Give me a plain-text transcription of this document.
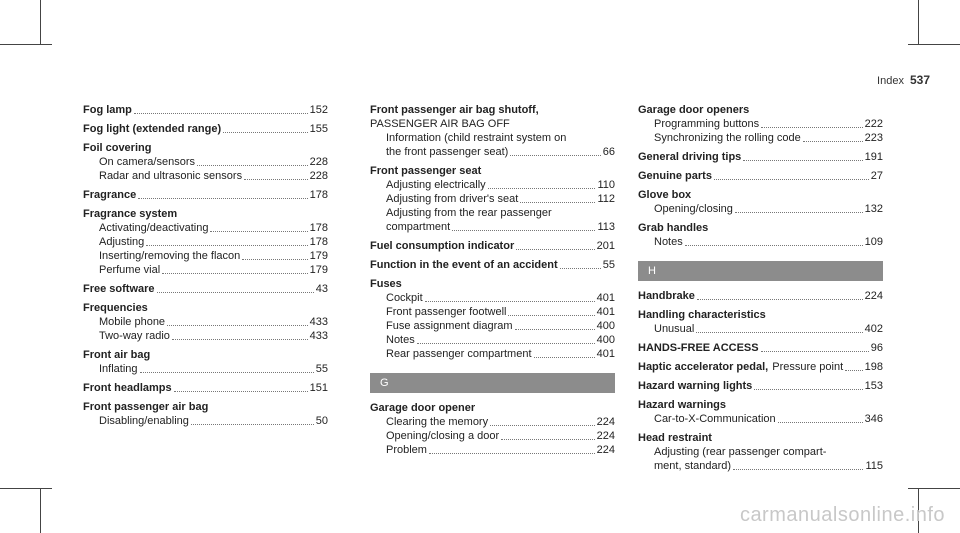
Index 537
Fog lamp	152
Fog light (extended range)	155
Foil covering
On camera/sensors	228
Radar and ultrasonic sensors	228
Fragrance	178
Fragrance system
Activating/deactivating	178
Adjusting	178
Inserting/removing the flacon	179
Perfume vial	179
Free software	43
Frequencies
Mobile phone	433
Two-way radio	433
Front air bag
Inflating	55
Front headlamps	151
Front passenger air bag
Disabling/enabling	50
Front passenger air bag shutoff,
PASSENGER AIR BAG OFF
Information (child restraint system on
the front passenger seat)	66
Front passenger seat
Adjusting electrically	110
Adjusting from driver's seat	112
Adjusting from the rear passenger
compartment	113
Fuel consumption indicator	201
Function in the event of an accident	55
Fuses
Cockpit	401
Front passenger footwell	401
Fuse assignment diagram	400
Notes	400
Rear passenger compartment	401
G
Garage door opener
Clearing the memory	224
Opening/closing a door	224
Problem	224
Garage door openers
Programming buttons	222
Synchronizing the rolling code	223
General driving tips	191
Genuine parts	27
Glove box
Opening/closing	132
Grab handles
Notes	109
H
Handbrake	224
Handling characteristics
Unusual	402
HANDS-FREE ACCESS	96
Haptic accelerator pedal, Pressure point 198
Hazard warning lights	153
Hazard warnings
Car-to-X-Communication	346
Head restraint
Adjusting (rear passenger compart-
ment, standard)	115
carmanualsonline.info
